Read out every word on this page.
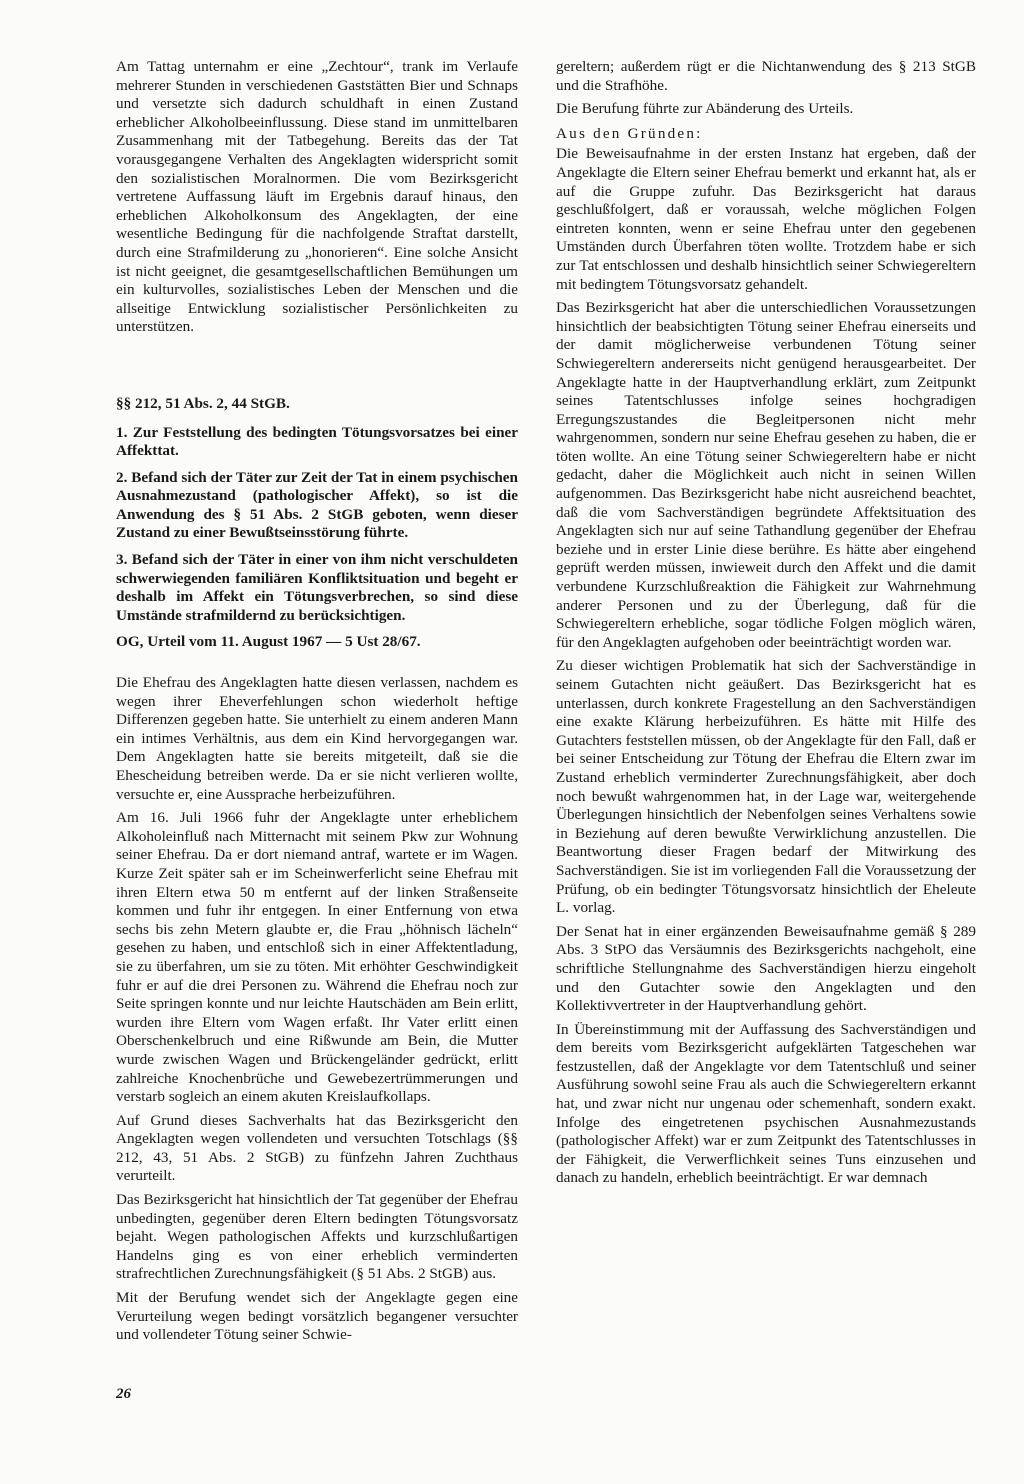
Am Tattag unternahm er eine „Zechtour“, trank im Verlaufe mehrerer Stunden in verschiedenen Gaststätten Bier und Schnaps und versetzte sich dadurch schuldhaft in einen Zustand erheblicher Alkoholbeeinflussung. Diese stand im unmittelbaren Zusammenhang mit der Tatbegehung. Bereits das der Tat vorausgegangene Verhalten des Angeklagten widerspricht somit den sozialistischen Moralnormen. Die vom Bezirksgericht vertretene Auffassung läuft im Ergebnis darauf hinaus, den erheblichen Alkoholkonsum des Angeklagten, der eine wesentliche Bedingung für die nachfolgende Straftat darstellt, durch eine Strafmilderung zu „honorieren“. Eine solche Ansicht ist nicht geeignet, die gesamtgesellschaftlichen Bemühungen um ein kulturvolles, sozialistisches Leben der Menschen und die allseitige Entwicklung sozialistischer Persönlichkeiten zu unterstützen.

§§ 212, 51 Abs. 2, 44 StGB.

1. Zur Feststellung des bedingten Tötungsvorsatzes bei einer Affekttat.

2. Befand sich der Täter zur Zeit der Tat in einem psychischen Ausnahmezustand (pathologischer Affekt), so ist die Anwendung des § 51 Abs. 2 StGB geboten, wenn dieser Zustand zu einer Bewußtseinsstörung führte.

3. Befand sich der Täter in einer von ihm nicht verschuldeten schwerwiegenden familiären Konfliktsituation und begeht er deshalb im Affekt ein Tötungsverbrechen, so sind diese Umstände strafmildernd zu berücksichtigen.

OG, Urteil vom 11. August 1967 — 5 Ust 28/67.

Die Ehefrau des Angeklagten hatte diesen verlassen, nachdem es wegen ihrer Eheverfehlungen schon wiederholt heftige Differenzen gegeben hatte. Sie unterhielt zu einem anderen Mann ein intimes Verhältnis, aus dem ein Kind hervorgegangen war. Dem Angeklagten hatte sie bereits mitgeteilt, daß sie die Ehescheidung betreiben werde. Da er sie nicht verlieren wollte, versuchte er, eine Aussprache herbeizuführen.

Am 16. Juli 1966 fuhr der Angeklagte unter erheblichem Alkoholeinfluß nach Mitternacht mit seinem Pkw zur Wohnung seiner Ehefrau. Da er dort niemand antraf, wartete er im Wagen. Kurze Zeit später sah er im Scheinwerferlicht seine Ehefrau mit ihren Eltern etwa 50 m entfernt auf der linken Straßenseite kommen und fuhr ihr entgegen. In einer Entfernung von etwa sechs bis zehn Metern glaubte er, die Frau „höhnisch lächeln“ gesehen zu haben, und entschloß sich in einer Affektentladung, sie zu überfahren, um sie zu töten. Mit erhöhter Geschwindigkeit fuhr er auf die drei Personen zu. Während die Ehefrau noch zur Seite springen konnte und nur leichte Hautschäden am Bein erlitt, wurden ihre Eltern vom Wagen erfaßt. Ihr Vater erlitt einen Oberschenkelbruch und eine Rißwunde am Bein, die Mutter wurde zwischen Wagen und Brückengeländer gedrückt, erlitt zahlreiche Knochenbrüche und Gewebezertrümmerungen und verstarb sogleich an einem akuten Kreislaufkollaps.

Auf Grund dieses Sachverhalts hat das Bezirksgericht den Angeklagten wegen vollendeten und versuchten Totschlags (§§ 212, 43, 51 Abs. 2 StGB) zu fünfzehn Jahren Zuchthaus verurteilt.

Das Bezirksgericht hat hinsichtlich der Tat gegenüber der Ehefrau unbedingten, gegenüber deren Eltern bedingten Tötungsvorsatz bejaht. Wegen pathologischen Affekts und kurzschlußartigen Handelns ging es von einer erheblich verminderten strafrechtlichen Zurechnungsfähigkeit (§ 51 Abs. 2 StGB) aus.

Mit der Berufung wendet sich der Angeklagte gegen eine Verurteilung wegen bedingt vorsätzlich begangener versuchter und vollendeter Tötung seiner Schwie-

gereltern; außerdem rügt er die Nichtanwendung des § 213 StGB und die Strafhöhe.

Die Berufung führte zur Abänderung des Urteils.

Aus den Gründen:

Die Beweisaufnahme in der ersten Instanz hat ergeben, daß der Angeklagte die Eltern seiner Ehefrau bemerkt und erkannt hat, als er auf die Gruppe zufuhr. Das Bezirksgericht hat daraus geschlußfolgert, daß er voraussah, welche möglichen Folgen eintreten konnten, wenn er seine Ehefrau unter den gegebenen Umständen durch Überfahren töten wollte. Trotzdem habe er sich zur Tat entschlossen und deshalb hinsichtlich seiner Schwiegereltern mit bedingtem Tötungsvorsatz gehandelt.

Das Bezirksgericht hat aber die unterschiedlichen Voraussetzungen hinsichtlich der beabsichtigten Tötung seiner Ehefrau einerseits und der damit möglicherweise verbundenen Tötung seiner Schwiegereltern andererseits nicht genügend herausgearbeitet. Der Angeklagte hatte in der Hauptverhandlung erklärt, zum Zeitpunkt seines Tatentschlusses infolge seines hochgradigen Erregungszustandes die Begleitpersonen nicht mehr wahrgenommen, sondern nur seine Ehefrau gesehen zu haben, die er töten wollte. An eine Tötung seiner Schwiegereltern habe er nicht gedacht, daher die Möglichkeit auch nicht in seinen Willen aufgenommen. Das Bezirksgericht habe nicht ausreichend beachtet, daß die vom Sachverständigen begründete Affektsituation des Angeklagten sich nur auf seine Tathandlung gegenüber der Ehefrau beziehe und in erster Linie diese berühre. Es hätte aber eingehend geprüft werden müssen, inwieweit durch den Affekt und die damit verbundene Kurzschlußreaktion die Fähigkeit zur Wahrnehmung anderer Personen und zu der Überlegung, daß für die Schwiegereltern erhebliche, sogar tödliche Folgen möglich wären, für den Angeklagten aufgehoben oder beeinträchtigt worden war.

Zu dieser wichtigen Problematik hat sich der Sachverständige in seinem Gutachten nicht geäußert. Das Bezirksgericht hat es unterlassen, durch konkrete Fragestellung an den Sachverständigen eine exakte Klärung herbeizuführen. Es hätte mit Hilfe des Gutachters feststellen müssen, ob der Angeklagte für den Fall, daß er bei seiner Entscheidung zur Tötung der Ehefrau die Eltern zwar im Zustand erheblich verminderter Zurechnungsfähigkeit, aber doch noch bewußt wahrgenommen hat, in der Lage war, weitergehende Überlegungen hinsichtlich der Nebenfolgen seines Verhaltens sowie in Beziehung auf deren bewußte Verwirklichung anzustellen. Die Beantwortung dieser Fragen bedarf der Mitwirkung des Sachverständigen. Sie ist im vorliegenden Fall die Voraussetzung der Prüfung, ob ein bedingter Tötungsvorsatz hinsichtlich der Eheleute L. vorlag.

Der Senat hat in einer ergänzenden Beweisaufnahme gemäß § 289 Abs. 3 StPO das Versäumnis des Bezirksgerichts nachgeholt, eine schriftliche Stellungnahme des Sachverständigen hierzu eingeholt und den Gutachter sowie den Angeklagten und den Kollektivvertreter in der Hauptverhandlung gehört.

In Übereinstimmung mit der Auffassung des Sachverständigen und dem bereits vom Bezirksgericht aufgeklärten Tatgeschehen war festzustellen, daß der Angeklagte vor dem Tatentschluß und seiner Ausführung sowohl seine Frau als auch die Schwiegereltern erkannt hat, und zwar nicht nur ungenau oder schemenhaft, sondern exakt. Infolge des eingetretenen psychischen Ausnahmezustands (pathologischer Affekt) war er zum Zeitpunkt des Tatentschlusses in der Fähigkeit, die Verwerflichkeit seines Tuns einzusehen und danach zu handeln, erheblich beeinträchtigt. Er war demnach

26
